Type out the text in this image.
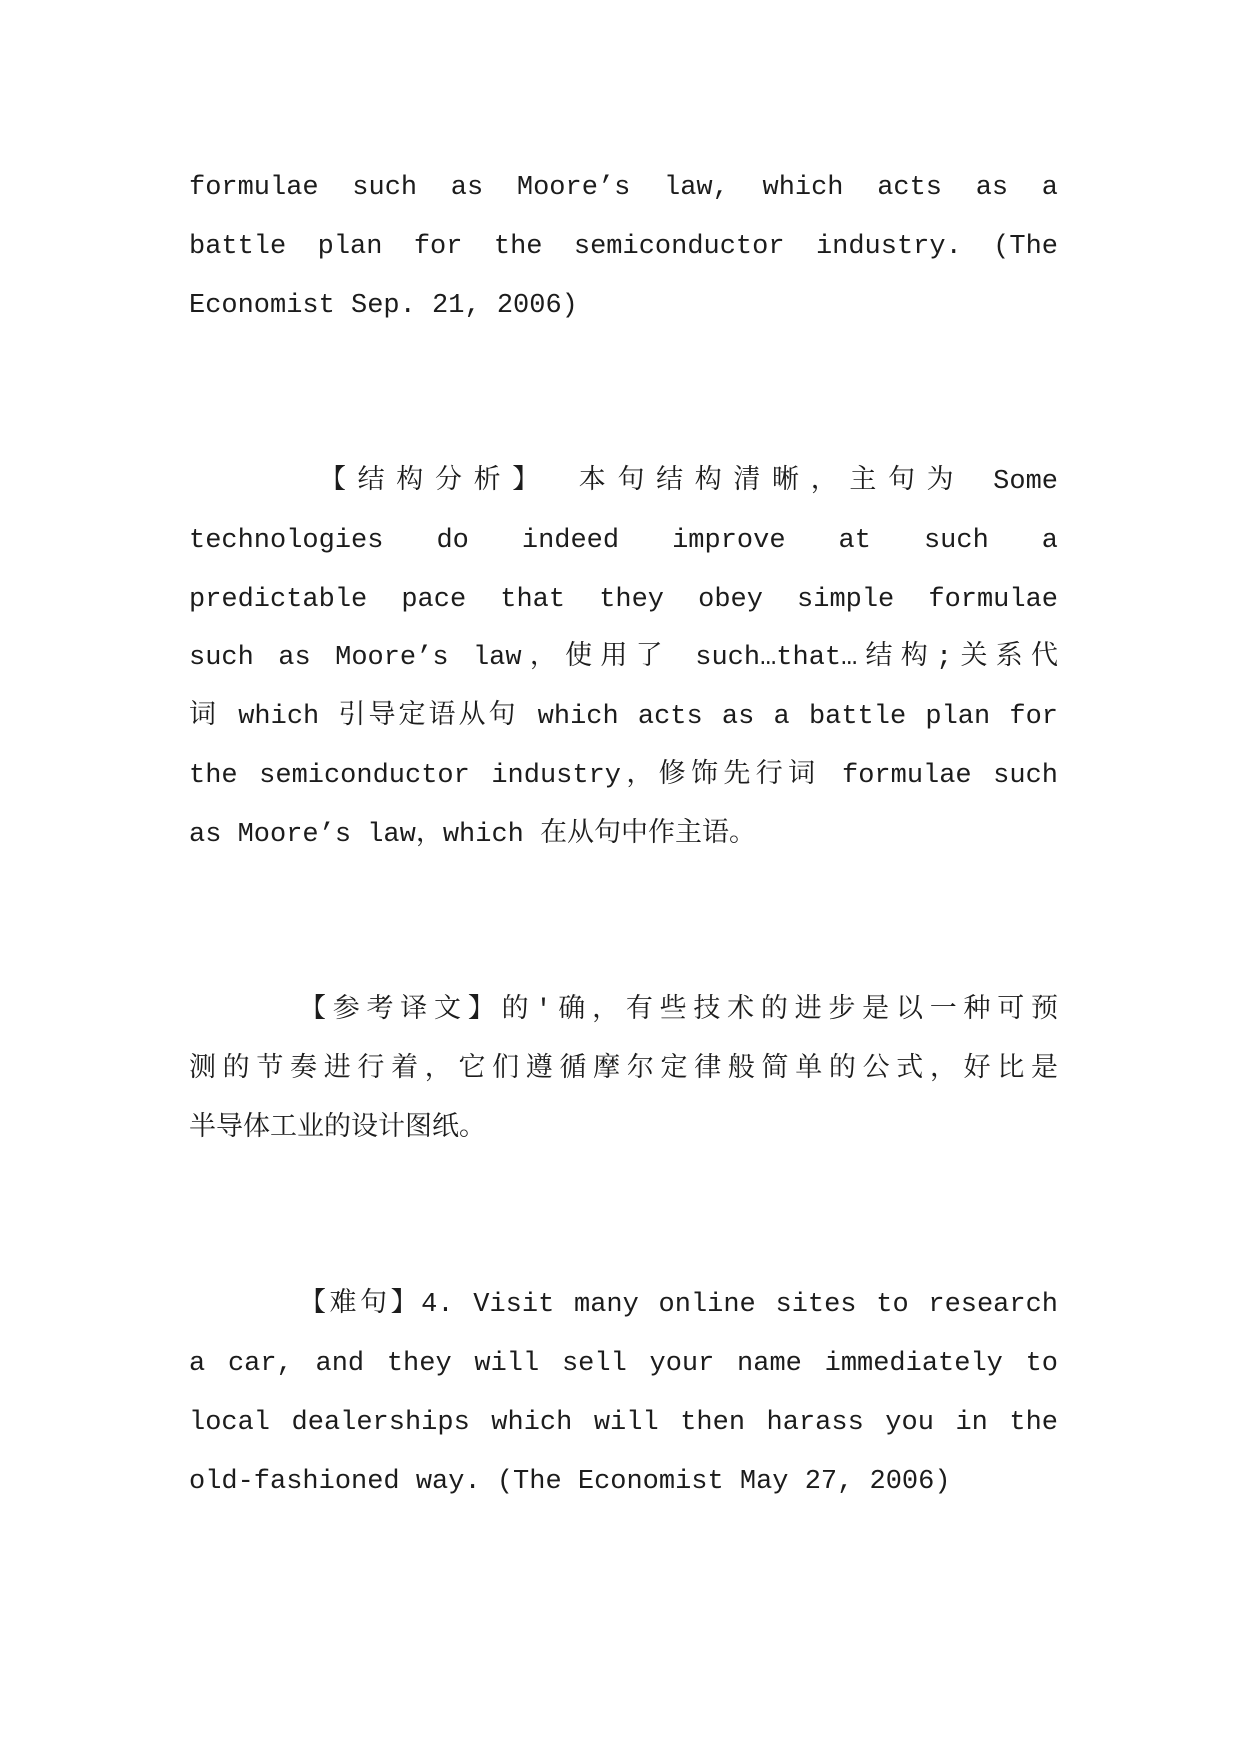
formulae such as Moore’s law, which acts as a
battle plan for the semiconductor industry. (The
Economist Sep. 21, 2006)
【结构分析】 本句结构清晰，主句为 Some
technologies do indeed improve at such a
predictable pace that they obey simple formulae
such as Moore’s law，使用了 such…that…结构;关系代
词 which 引导定语从句 which acts as a battle plan for
the semiconductor industry，修饰先行词 formulae such
as Moore’s law，which 在从句中作主语。
【参考译文】的'确，有些技术的进步是以一种可预
测的节奏进行着，它们遵循摩尔定律般简单的公式，好比是
半导体工业的设计图纸。
【难句】4. Visit many online sites to research
a car, and they will sell your name immediately to
local dealerships which will then harass you in the
old-fashioned way. (The Economist May 27, 2006)
